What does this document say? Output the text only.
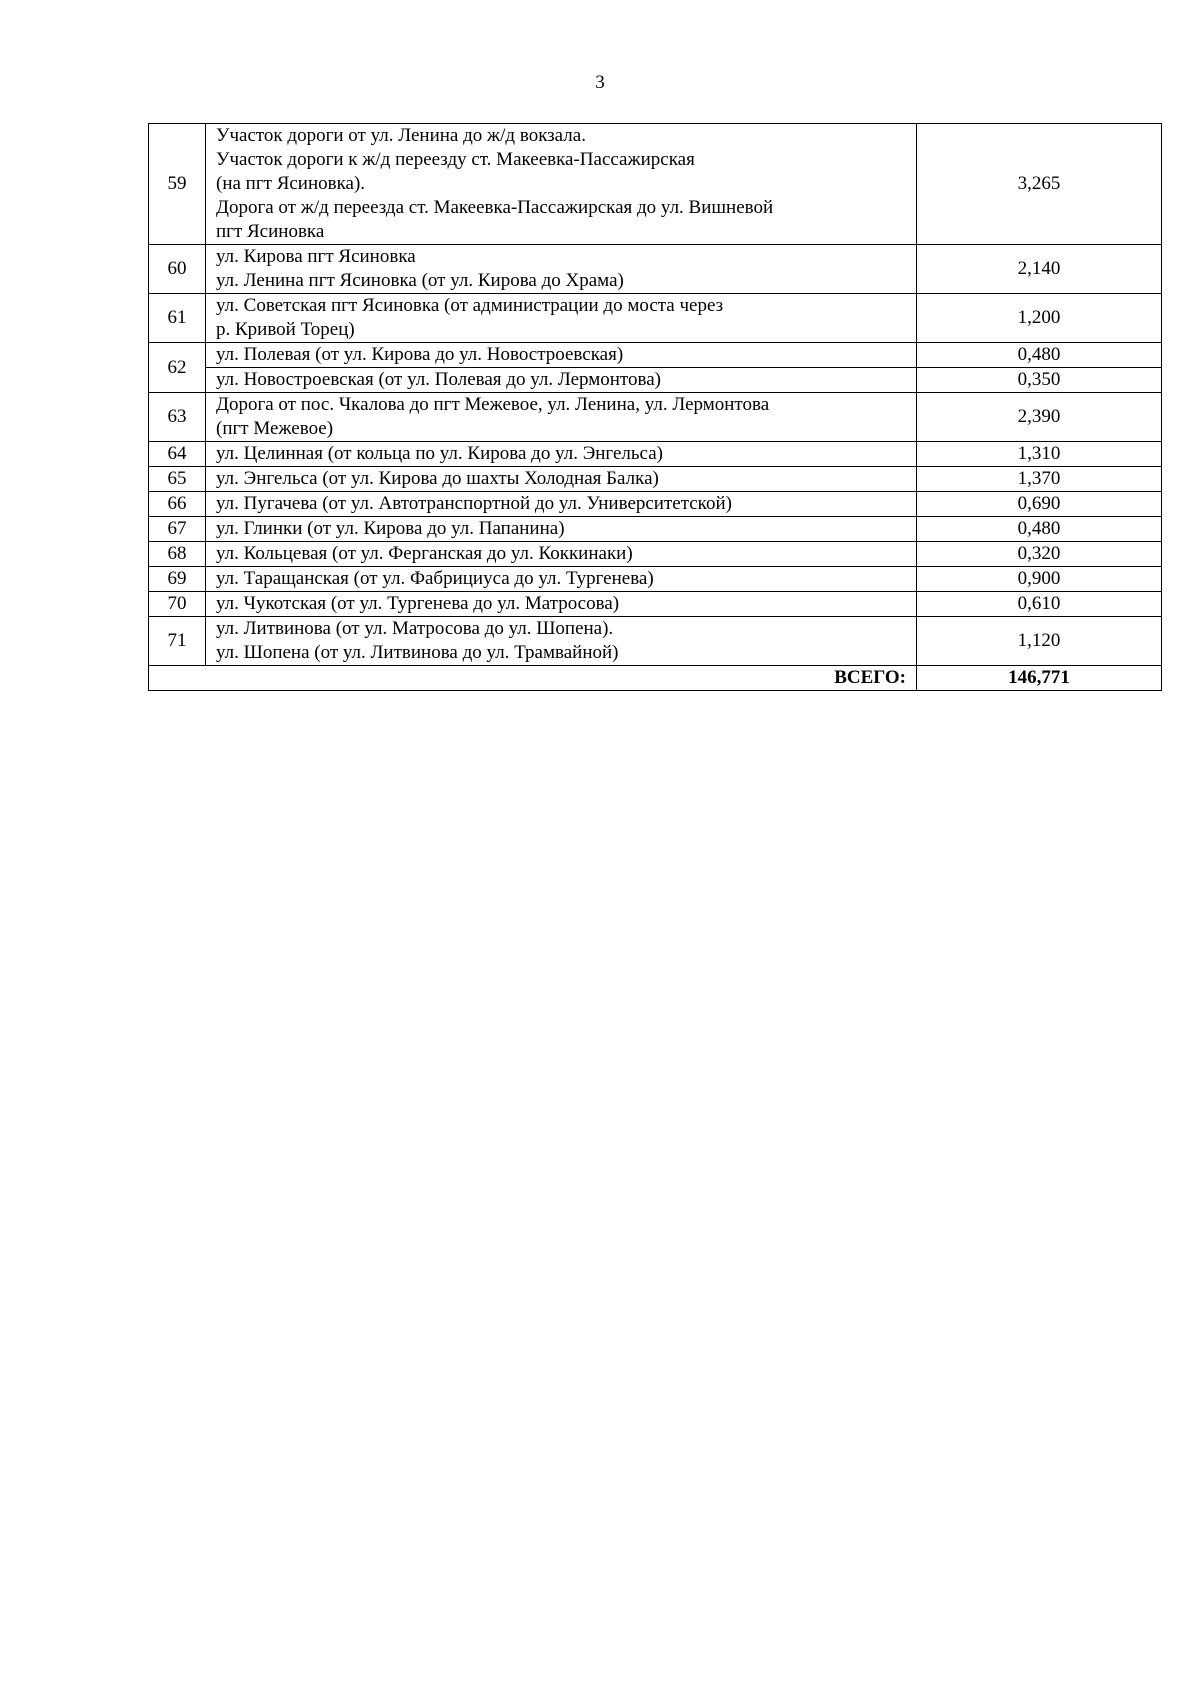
3
59	Участок дороги от ул. Ленина до ж/д вокзала.
Участок дороги к ж/д переезду ст. Макеевка-Пассажирская
(на пгт Ясиновка).
Дорога от ж/д переезда ст. Макеевка-Пассажирская до ул. Вишневой
пгт Ясиновка	3,265
60	ул. Кирова пгт Ясиновка
ул. Ленина пгт Ясиновка (от ул. Кирова до Храма)	2,140
61	ул. Советская пгт Ясиновка (от администрации до моста через
р. Кривой Торец)	1,200
62	ул. Полевая (от ул. Кирова до ул. Новостроевская)	0,480
	ул. Новостроевская (от ул. Полевая до ул. Лермонтова)	0,350
63	Дорога от пос. Чкалова до пгт Межевое, ул. Ленина, ул. Лермонтова
(пгт Межевое)	2,390
64	ул. Целинная (от кольца по ул. Кирова до ул. Энгельса)	1,310
65	ул. Энгельса (от ул. Кирова до шахты Холодная Балка)	1,370
66	ул. Пугачева (от ул. Автотранспортной до ул. Университетской)	0,690
67	ул. Глинки (от ул. Кирова до ул. Папанина)	0,480
68	ул. Кольцевая (от ул. Ферганская до ул. Коккинаки)	0,320
69	ул. Таращанская (от ул. Фабрициуса до ул. Тургенева)	0,900
70	ул. Чукотская (от ул. Тургенева до ул. Матросова)	0,610
71	ул. Литвинова (от ул. Матросова до ул. Шопена).
ул. Шопена (от ул. Литвинова до ул. Трамвайной)	1,120
ВСЕГО:		146,771
